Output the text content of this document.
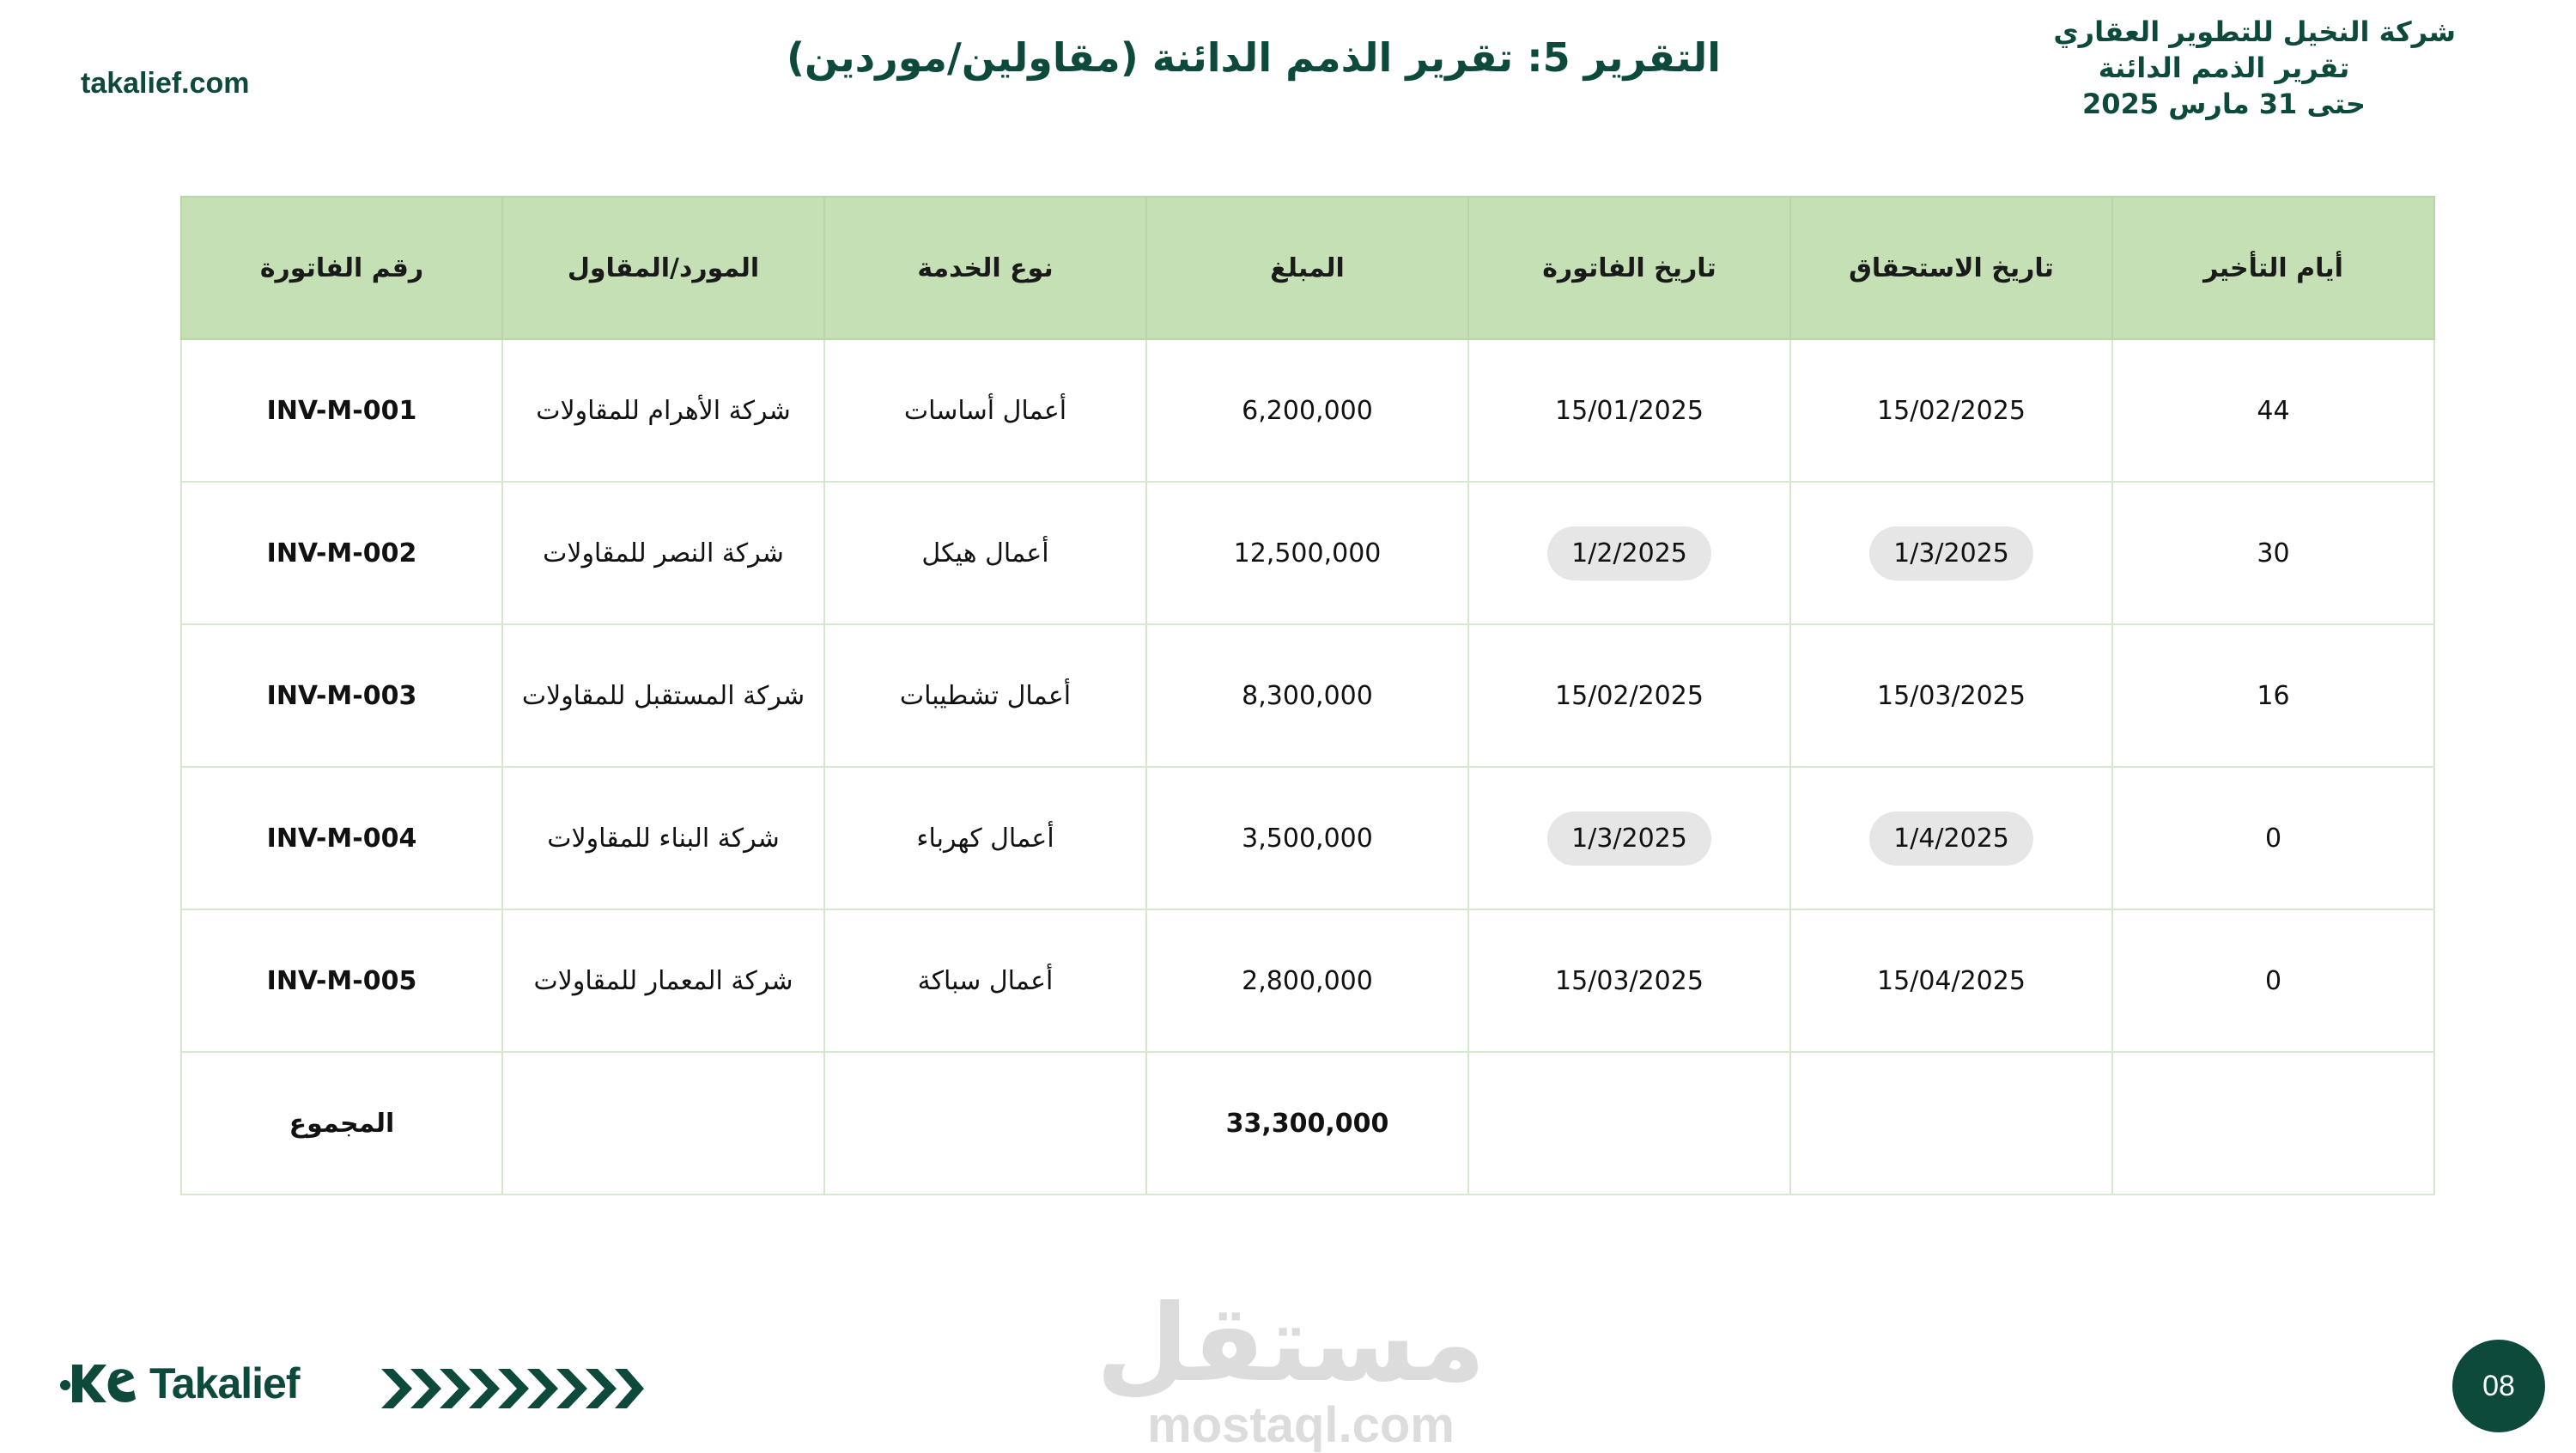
takalief.com
التقرير 5: تقرير الذمم الدائنة (مقاولين/موردين)
شركة النخيل للتطوير العقاري
تقرير الذمم الدائنة
حتى 31 مارس 2025
أيام التأخير	تاريخ الاستحقاق	تاريخ الفاتورة	المبلغ	نوع الخدمة	المورد/المقاول	رقم الفاتورة
44	15/02/2025	15/01/2025	6,200,000	أعمال أساسات	شركة الأهرام للمقاولات	INV-M-001
30	1/3/2025	1/2/2025	12,500,000	أعمال هيكل	شركة النصر للمقاولات	INV-M-002
16	15/03/2025	15/02/2025	8,300,000	أعمال تشطيبات	شركة المستقبل للمقاولات	INV-M-003
0	1/4/2025	1/3/2025	3,500,000	أعمال كهرباء	شركة البناء للمقاولات	INV-M-004
0	15/04/2025	15/03/2025	2,800,000	أعمال سباكة	شركة المعمار للمقاولات	INV-M-005
			33,300,000			المجموع
Takalief	مستقل
mostaql.com
08
